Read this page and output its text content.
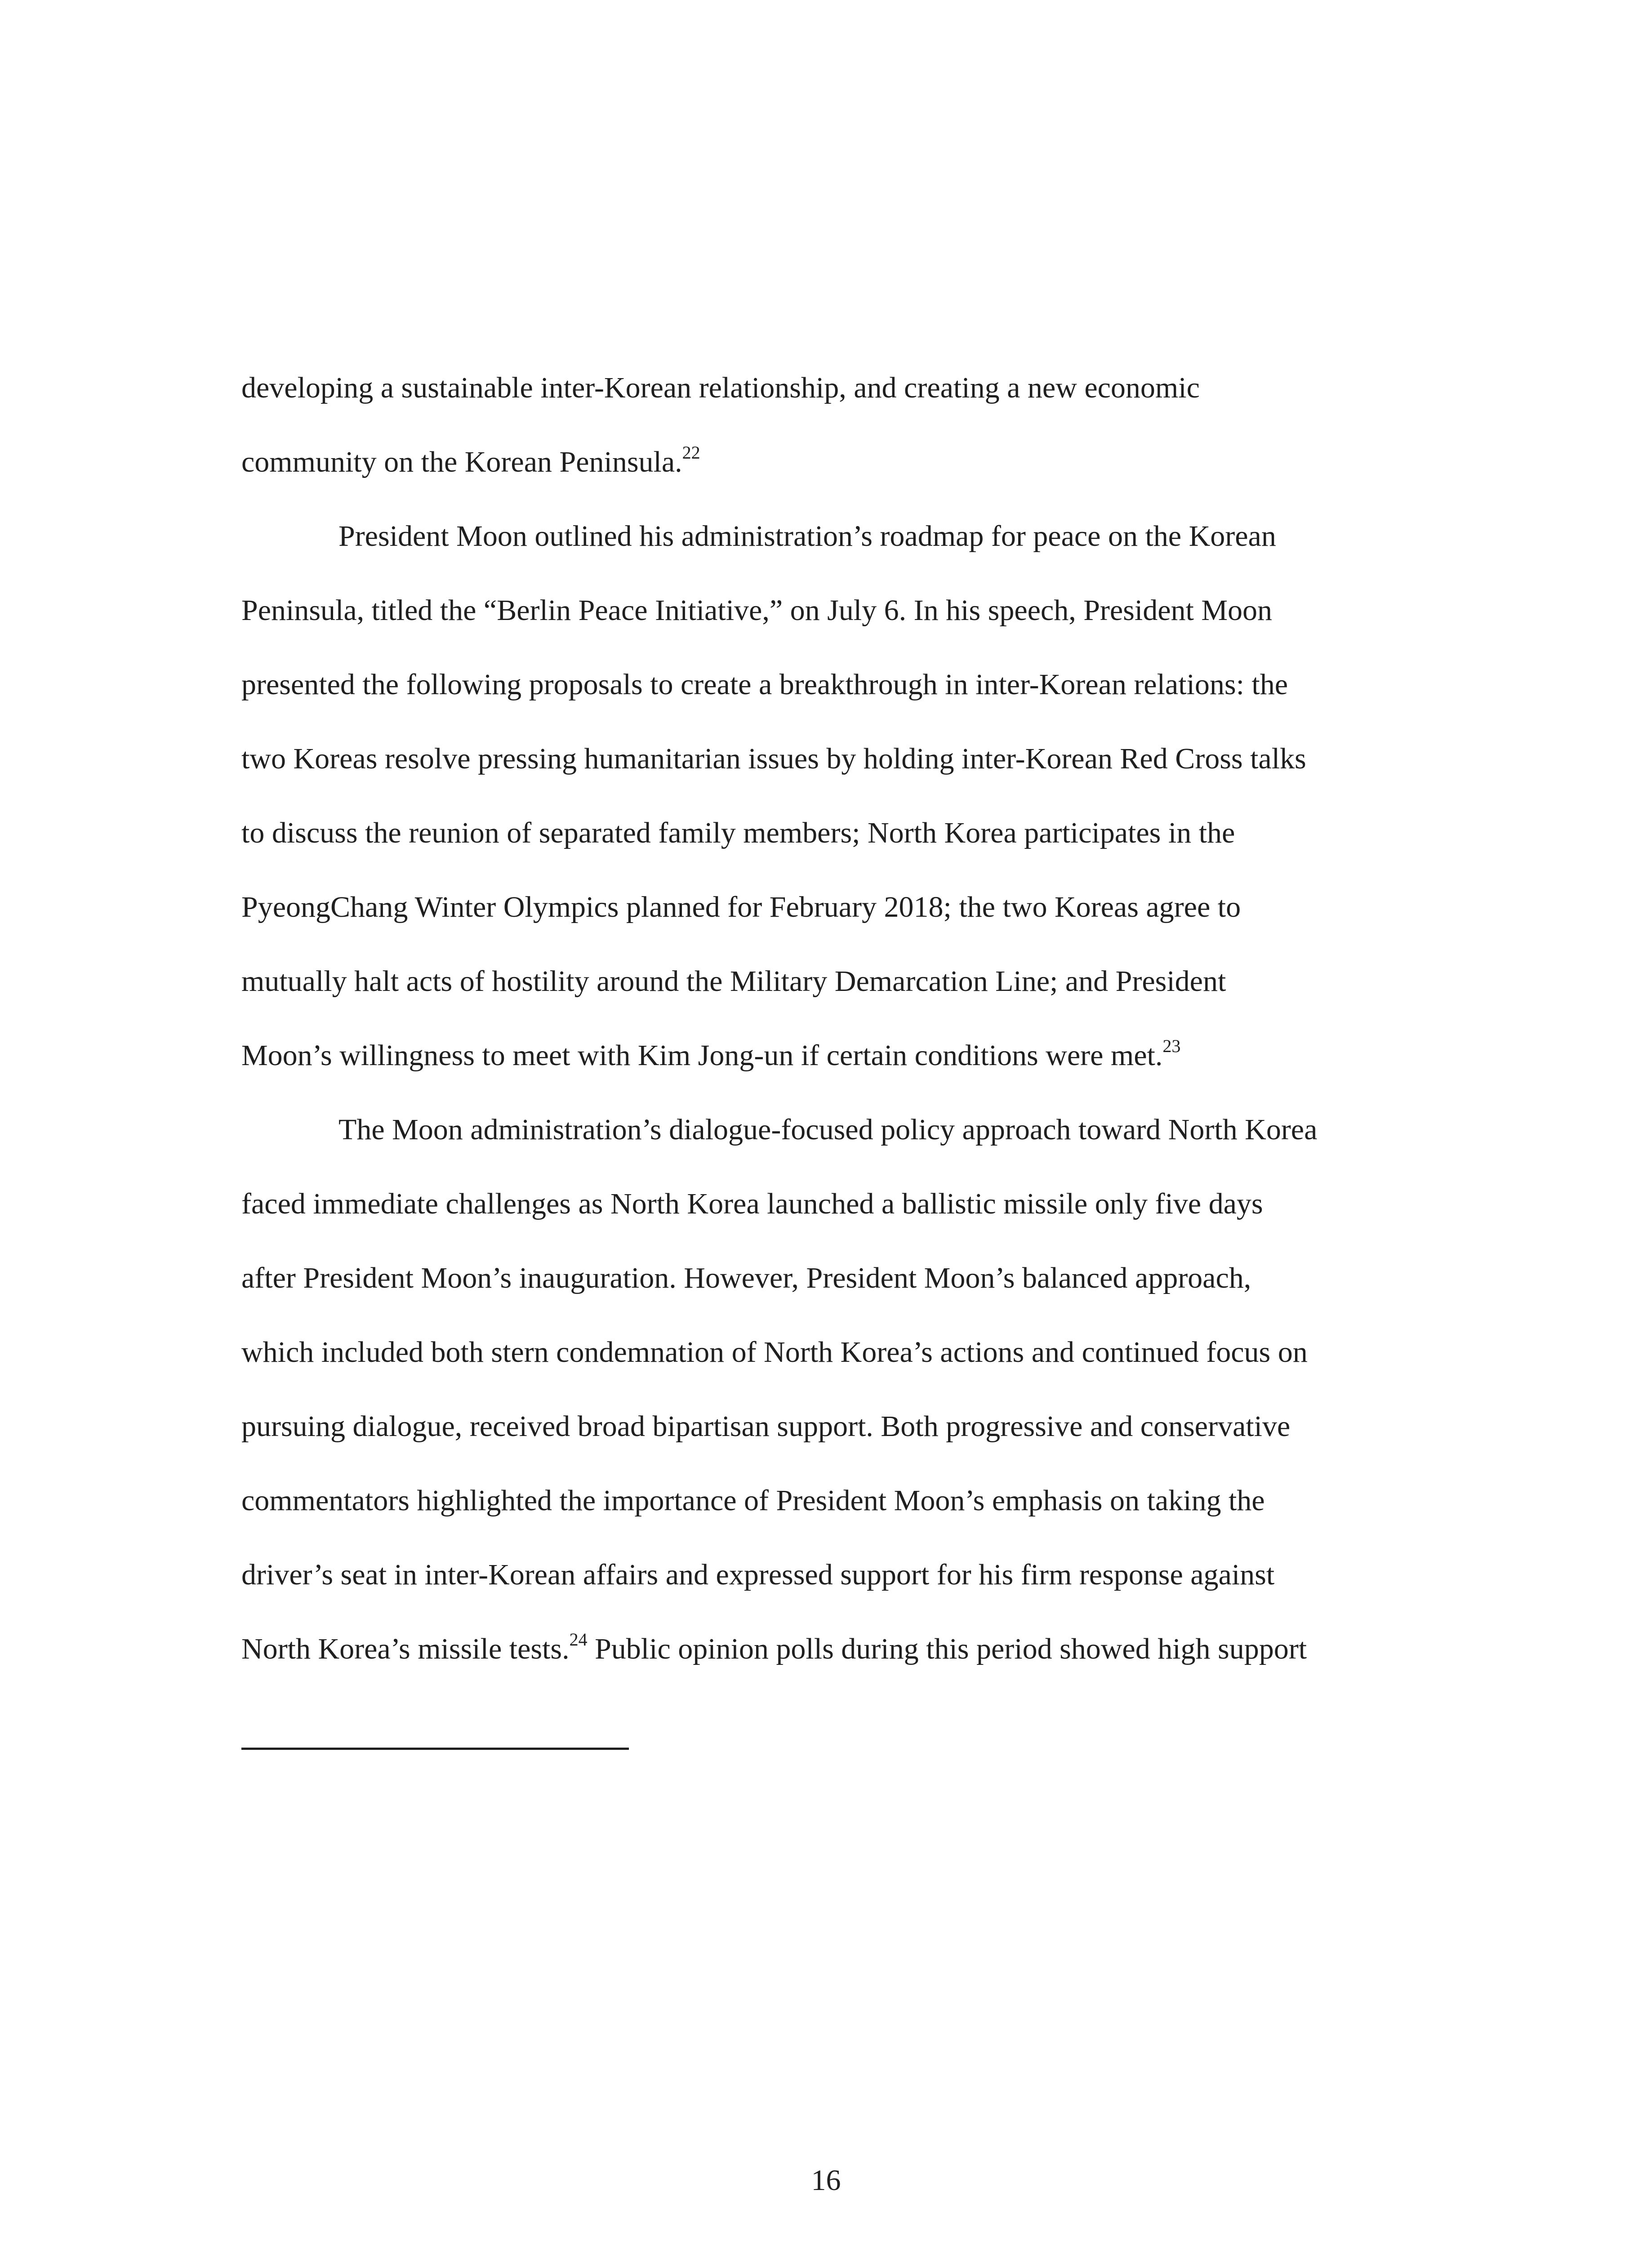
developing a sustainable inter-Korean relationship, and creating a new economic
community on the Korean Peninsula.$^{22}$
President Moon outlined his administration’s roadmap for peace on the Korean
Peninsula, titled the “Berlin Peace Initiative,” on July 6. In his speech, President Moon
presented the following proposals to create a breakthrough in inter-Korean relations: the
two Koreas resolve pressing humanitarian issues by holding inter-Korean Red Cross talks
to discuss the reunion of separated family members; North Korea participates in the
PyeongChang Winter Olympics planned for February 2018; the two Koreas agree to
mutually halt acts of hostility around the Military Demarcation Line; and President
Moon’s willingness to meet with Kim Jong-un if certain conditions were met.$^{23}$
The Moon administration’s dialogue-focused policy approach toward North Korea
faced immediate challenges as North Korea launched a ballistic missile only five days
after President Moon’s inauguration. However, President Moon’s balanced approach,
which included both stern condemnation of North Korea’s actions and continued focus on
pursuing dialogue, received broad bipartisan support. Both progressive and conservative
commentators highlighted the importance of President Moon’s emphasis on taking the
driver’s seat in inter-Korean affairs and expressed support for his firm response against
North Korea’s missile tests.$^{24}$ Public opinion polls during this period showed high support
16
